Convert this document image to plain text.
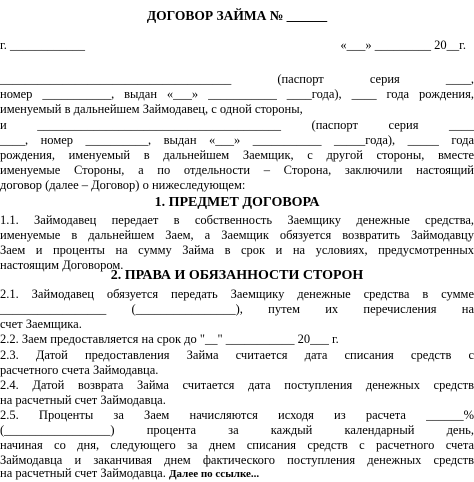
ДОГОВОР ЗАЙМА № ______
г. ____________	«___» _________ 20__г.
_____________________________________ (паспорт серия ____,
номер ___________, выдан «___» ___________ ____года), ____ года рождения,
именуемый в дальнейшем Займодавец, с одной стороны,
и _______________________________________ (паспорт серия ____
____, номер __________, выдан «___» ___________ _____года), _____ года
рождения, именуемый в дальнейшем Заемщик, с другой стороны, вместе
именуемые Стороны, а по отдельности – Сторона, заключили настоящий
договор (далее – Договор) о нижеследующем:
1. ПРЕДМЕТ ДОГОВОРА
1.1. Займодавец передает в собственность Заемщику денежные средства,
именуемые в дальнейшем Заем, а Заемщик обязуется возвратить Займодавцу
Заем и проценты на сумму Займа в срок и на условиях, предусмотренных
настоящим Договором.
2. ПРАВА И ОБЯЗАННОСТИ СТОРОН
2.1. Займодавец обязуется передать Заемщику денежные средства в сумме
_________________ (________________), путем их перечисления на
счет Заемщика.
2.2. Заем предоставляется на срок до "__" ___________ 20___ г.
2.3. Датой предоставления Займа считается дата списания средств с
расчетного счета Займодавца.
2.4. Датой возврата Займа считается дата поступления денежных средств
на расчетный счет Займодавца.
2.5. Проценты за Заем начисляются исходя из расчета ______%
(_________________) процента за каждый календарный день,
начиная со дня, следующего за днем списания средств с расчетного счета
Займодавца и заканчивая днем фактического поступления денежных средств
на расчетный счет Займодавца. Далее по ссылке...
